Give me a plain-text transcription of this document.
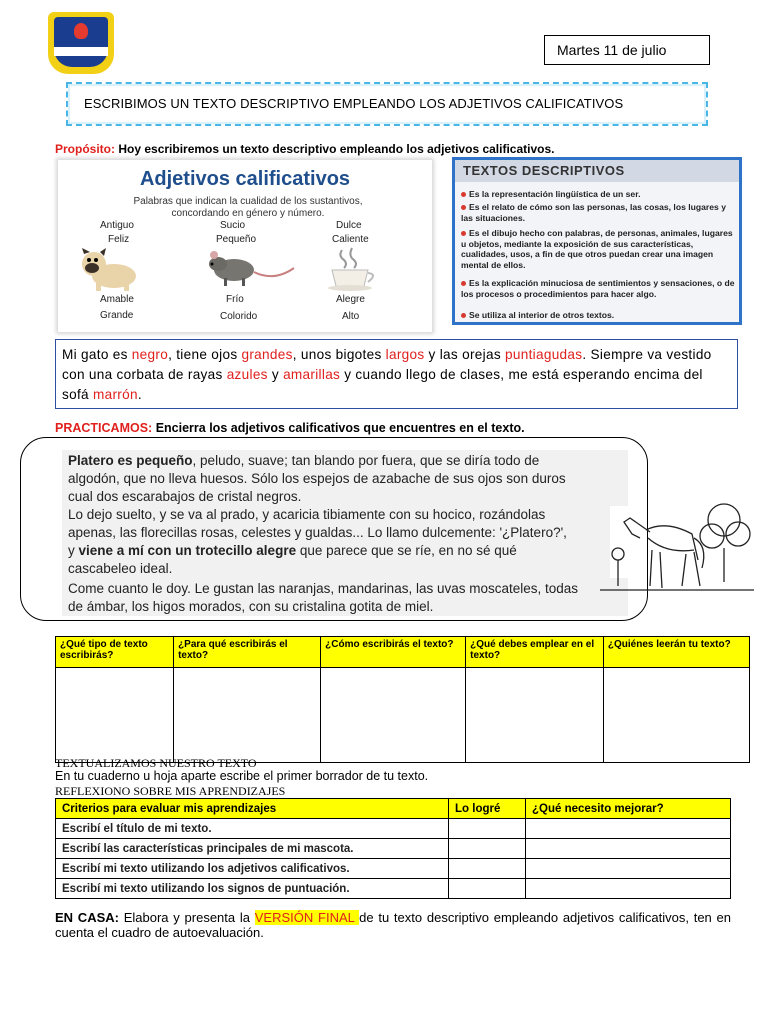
Martes 11 de julio
ESCRIBIMOS UN TEXTO DESCRIPTIVO EMPLEANDO LOS ADJETIVOS CALIFICATIVOS
Propósito: Hoy escribiremos un texto descriptivo empleando los adjetivos calificativos.
Adjetivos calificativos
Palabras que indican la cualidad de los sustantivos, concordando en género y número.
Antiguo
Feliz
Sucio
Pequeño
Dulce
Caliente
Amable
Grande
Frío
Colorido
Alegre
Alto
TEXTOS DESCRIPTIVOS
Es la representación lingüística de un ser.
Es el relato de cómo son las personas, las cosas, los lugares y las situaciones.
Es el dibujo hecho con palabras, de personas, animales, lugares u objetos, mediante la exposición de sus características, cualidades, usos, a fin de que otros puedan crear una imagen mental de ellos.
Es la explicación minuciosa de sentimientos y sensaciones, o de los procesos o procedimientos para hacer algo.
Se utiliza al interior de otros textos.

Mi gato es negro, tiene ojos grandes, unos bigotes largos y las orejas puntiagudas. Siempre va vestido con una corbata de rayas azules y amarillas y cuando llego de clases, me está esperando encima del sofá marrón.

PRACTICAMOS: Encierra los adjetivos calificativos que encuentres en el texto.
Platero es pequeño, peludo, suave; tan blando por fuera, que se diría todo de
algodón, que no lleva huesos. Sólo los espejos de azabache de sus ojos son duros
cual dos escarabajos de cristal negros.
Lo dejo suelto, y se va al prado, y acaricia tibiamente con su hocico, rozándolas
apenas, las florecillas rosas, celestes y gualdas... Lo llamo dulcemente: '¿Platero?',
y viene a mí con un trotecillo alegre que parece que se ríe, en no sé qué
cascabeleo ideal.
Come cuanto le doy. Le gustan las naranjas, mandarinas, las uvas moscateles, todas
de ámbar, los higos morados, con su cristalina gotita de miel.
¿Qué tipo de texto escribirás?	¿Para qué escribirás el texto?	¿Cómo escribirás el texto?	¿Qué debes emplear en el texto?	¿Quiénes leerán tu texto?

TEXTUALIZAMOS NUESTRO TEXTO
En tu cuaderno u hoja aparte escribe el primer borrador de tu texto.
REFLEXIONO SOBRE MIS APRENDIZAJES
Criterios para evaluar mis aprendizajes	Lo logré	¿Qué necesito mejorar?
Escribí el título de mi texto.		
Escribí las características principales de mi mascota.		
Escribí mi texto utilizando los adjetivos calificativos.		
Escribí mi texto utilizando los signos de puntuación.		
EN CASA: Elabora y presenta la VERSIÓN FINAL de tu texto descriptivo empleando adjetivos calificativos, ten en cuenta el cuadro de autoevaluación.
